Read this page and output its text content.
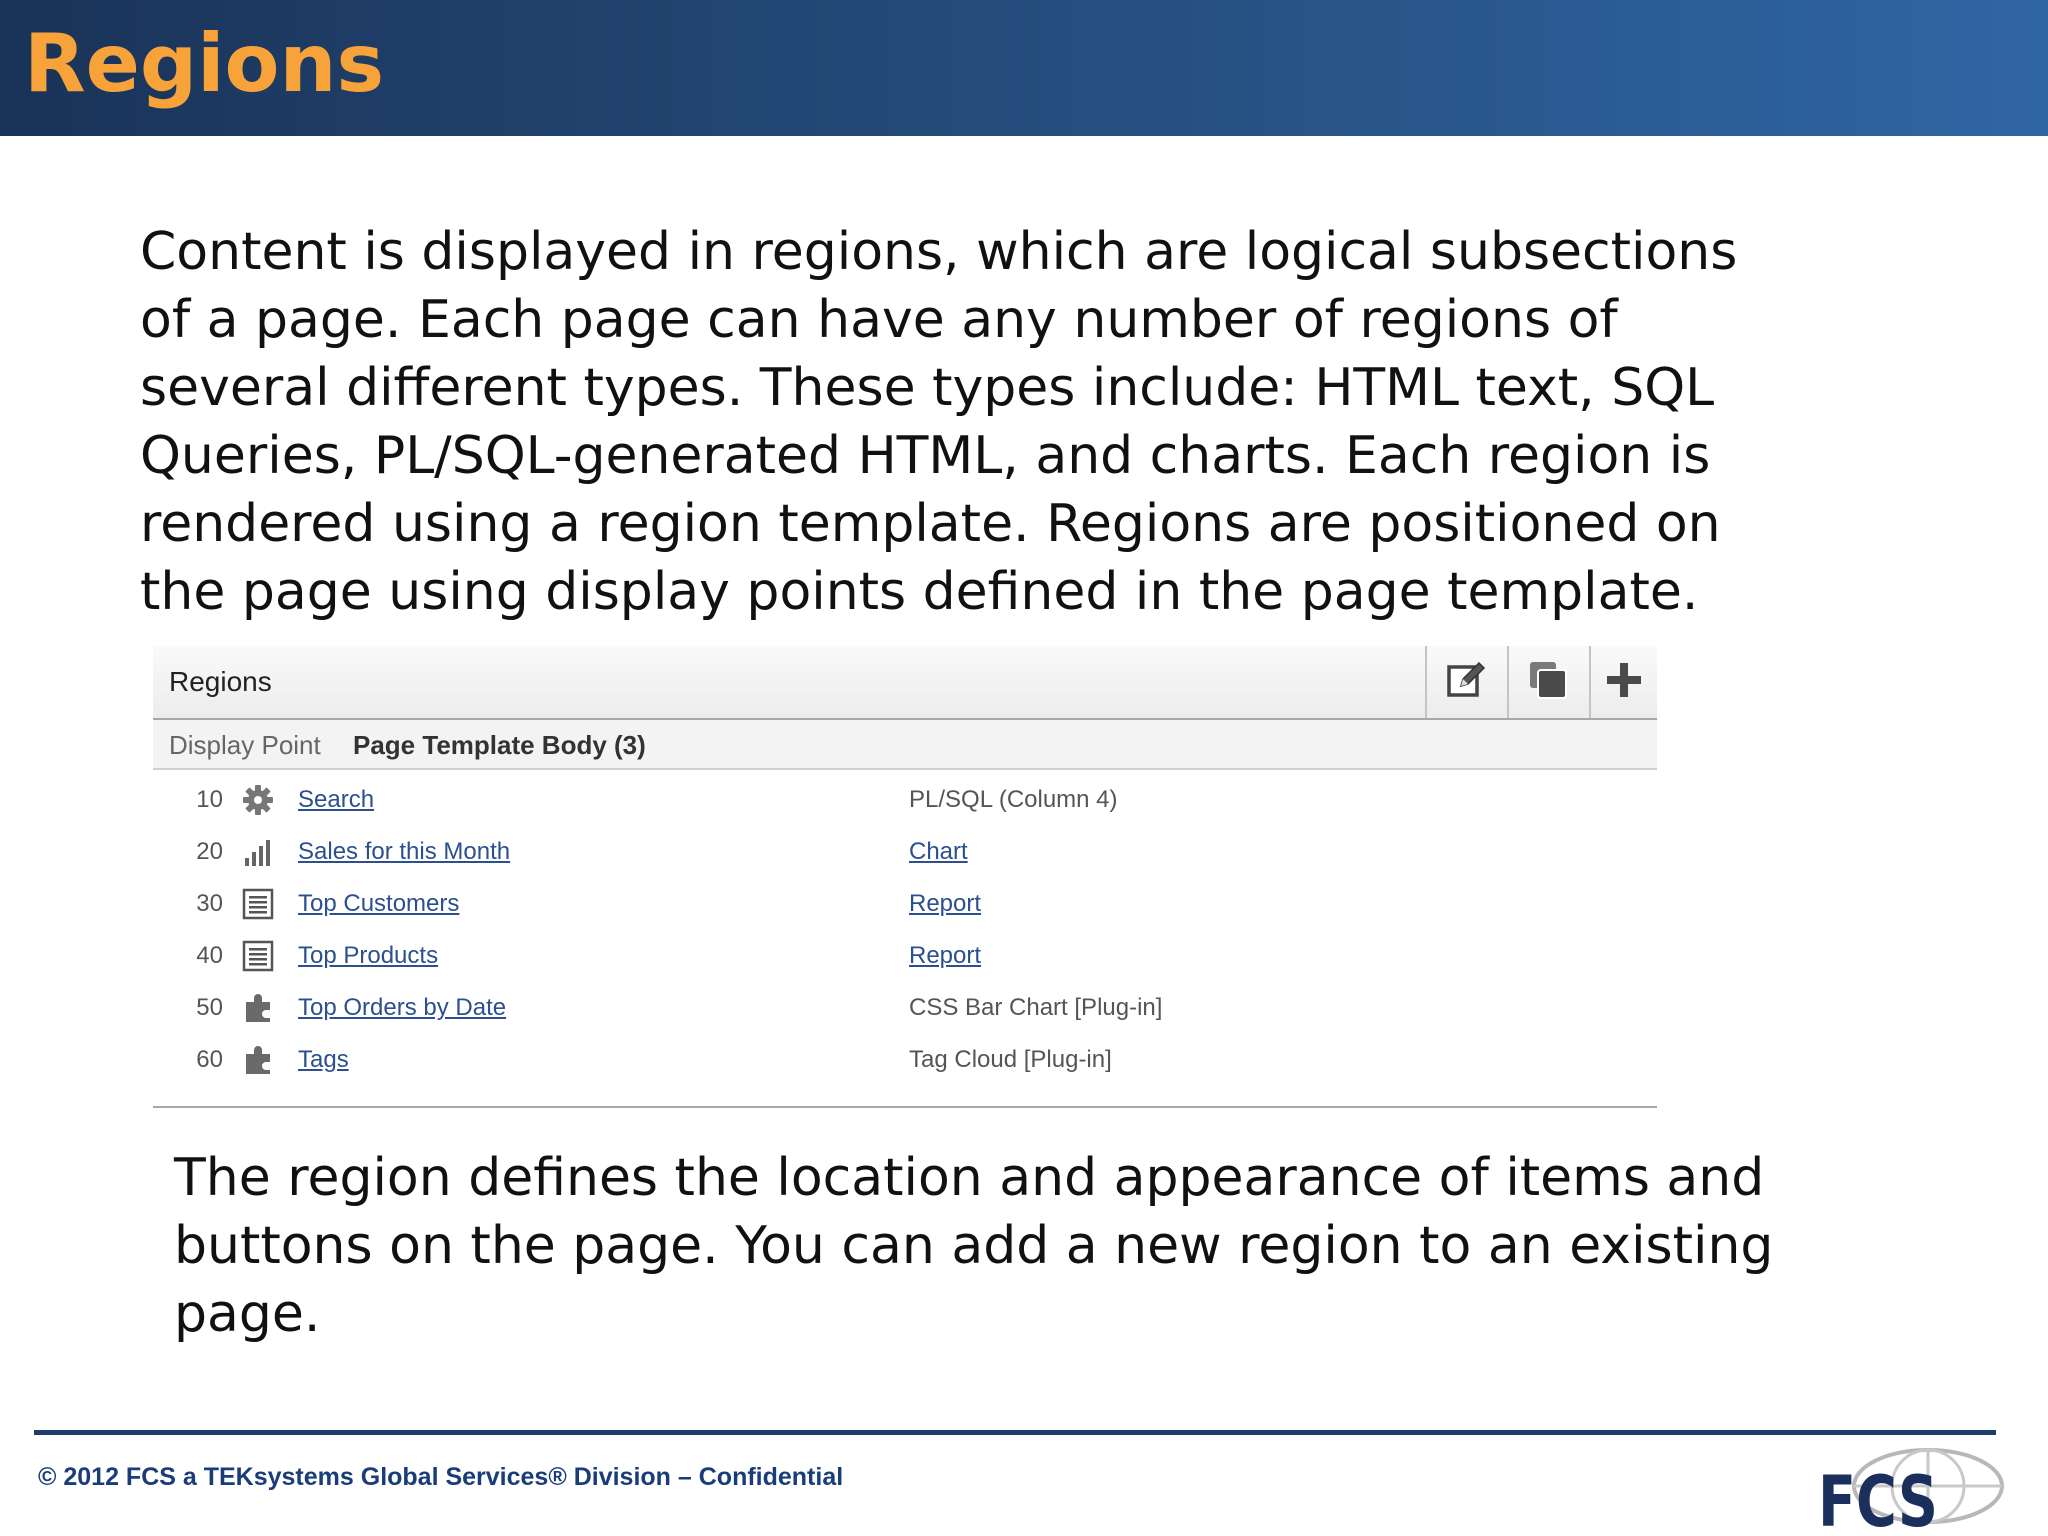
Regions

Content is displayed in regions, which are logical subsections of a page. Each page can have any number of regions of several different types. These types include: HTML text, SQL Queries, PL/SQL-generated HTML, and charts. Each region is rendered using a region template. Regions are positioned on the page using display points defined in the page template.

Regions
Display Point Page Template Body (3)
10	Search	PL/SQL (Column 4)
20	Sales for this Month	Chart
30	Top Customers	Report
40	Top Products	Report
50	Top Orders by Date	CSS Bar Chart [Plug-in]
60	Tags	Tag Cloud [Plug-in]

The region defines the location and appearance of items and buttons on the page. You can add a new region to an existing page.

© 2012 FCS a TEKsystems Global Services® Division – Confidential	FCS
